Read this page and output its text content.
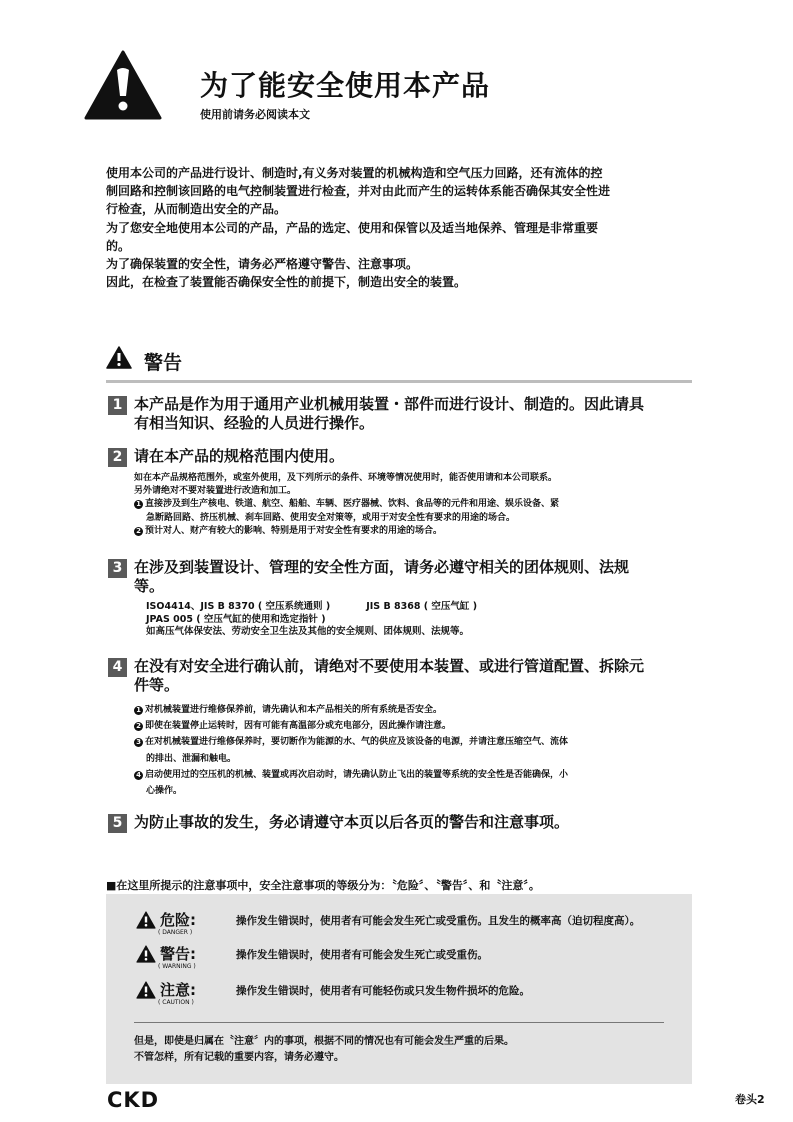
为了能安全使用本产品
使用前请务必阅读本文

使用本公司的产品进行设计、制造时,有义务对装置的机械构造和空气压力回路，还有流体的控

制回路和控制该回路的电气控制装置进行检查，并对由此而产生的运转体系能否确保其安全性进

行检查，从而制造出安全的产品。

为了您安全地使用本公司的产品，产品的选定、使用和保管以及适当地保养、管理是非常重要

的。

为了确保装置的安全性，请务必严格遵守警告、注意事项。

因此，在检查了装置能否确保安全性的前提下，制造出安全的装置。

警告
1 本产品是作为用于通用产业机械用装置・部件而进行设计、制造的。因此请具
有相当知识、经验的人员进行操作。
2 请在本产品的规格范围内使用。

如在本产品规格范围外，或室外使用，及下列所示的条件、环境等情况使用时，能否使用请和本公司联系。

另外请绝对不要对装置进行改造和加工。

1 直接涉及到生产核电、铁道、航空、船舶、车辆、医疗器械、饮料、食品等的元件和用途、娱乐设备、紧

急断路回路、挤压机械、刹车回路、使用安全对策等，或用于对安全性有要求的用途的场合。

2 预计对人、财产有较大的影响、特别是用于对安全性有要求的用途的场合。

3 在涉及到装置设计、管理的安全性方面，请务必遵守相关的团体规则、法规
等。

ISO4414、JIS B 8370 ( 空压系统通则 )	JIS B 8368 ( 空压气缸 )

JPAS 005 ( 空压气缸的使用和选定指针 )

如高压气体保安法、劳动安全卫生法及其他的安全规则、团体规则、法规等。

4 在没有对安全进行确认前，请绝对不要使用本装置、或进行管道配置、拆除元
件等。

1 对机械装置进行维修保养前，请先确认和本产品相关的所有系统是否安全。

2 即使在装置停止运转时，因有可能有高温部分或充电部分，因此操作请注意。

3 在对机械装置进行维修保养时，要切断作为能源的水、气的供应及该设备的电源，并请注意压缩空气、流体

的排出、泄漏和触电。

4 启动使用过的空压机的机械、装置或再次启动时，请先确认防止飞出的装置等系统的安全性是否能确保，小

心操作。

5 为防止事故的发生，务必请遵守本页以后各页的警告和注意事项。
■在这里所提示的注意事项中，安全注意事项的等级分为：〝危险〞、〝警告〞、和〝注意〞。
危险:	操作发生错误时，使用者有可能会发生死亡或受重伤。且发生的概率高（迫切程度高）。
( DANGER )
警告:	操作发生错误时，使用者有可能会发生死亡或受重伤。
( WARNING )
注意:	操作发生错误时，使用者有可能轻伤或只发生物件损坏的危险。
( CAUTION )

但是，即使是归属在〝注意〞内的事项，根据不同的情况也有可能会发生严重的后果。

不管怎样，所有记载的重要内容，请务必遵守。

CKD	卷头2
